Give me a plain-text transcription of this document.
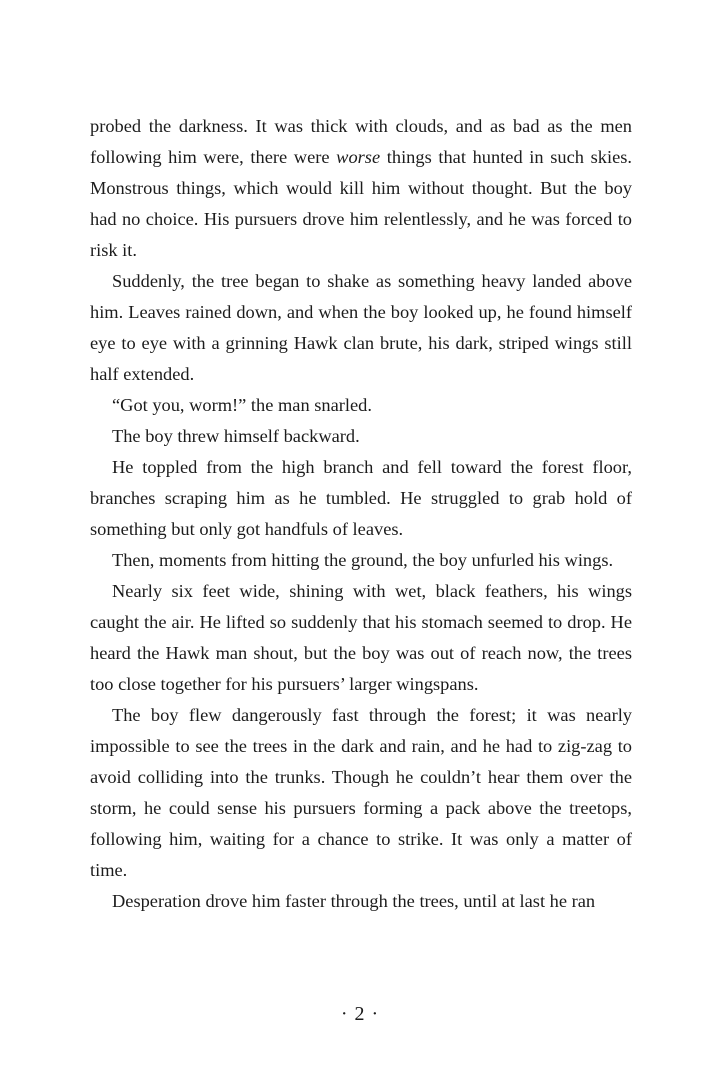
probed the darkness. It was thick with clouds, and as bad as the men following him were, there were worse things that hunted in such skies. Monstrous things, which would kill him without thought. But the boy had no choice. His pursuers drove him relentlessly, and he was forced to risk it.

Suddenly, the tree began to shake as something heavy landed above him. Leaves rained down, and when the boy looked up, he found himself eye to eye with a grinning Hawk clan brute, his dark, striped wings still half extended.

“Got you, worm!” the man snarled.

The boy threw himself backward.

He toppled from the high branch and fell toward the forest floor, branches scraping him as he tumbled. He struggled to grab hold of something but only got handfuls of leaves.

Then, moments from hitting the ground, the boy unfurled his wings.

Nearly six feet wide, shining with wet, black feathers, his wings caught the air. He lifted so suddenly that his stomach seemed to drop. He heard the Hawk man shout, but the boy was out of reach now, the trees too close together for his pursuers’ larger wingspans.

The boy flew dangerously fast through the forest; it was nearly impossible to see the trees in the dark and rain, and he had to zig-zag to avoid colliding into the trunks. Though he couldn’t hear them over the storm, he could sense his pursuers forming a pack above the treetops, following him, waiting for a chance to strike. It was only a matter of time.

Desperation drove him faster through the trees, until at last he ran

· 2 ·
